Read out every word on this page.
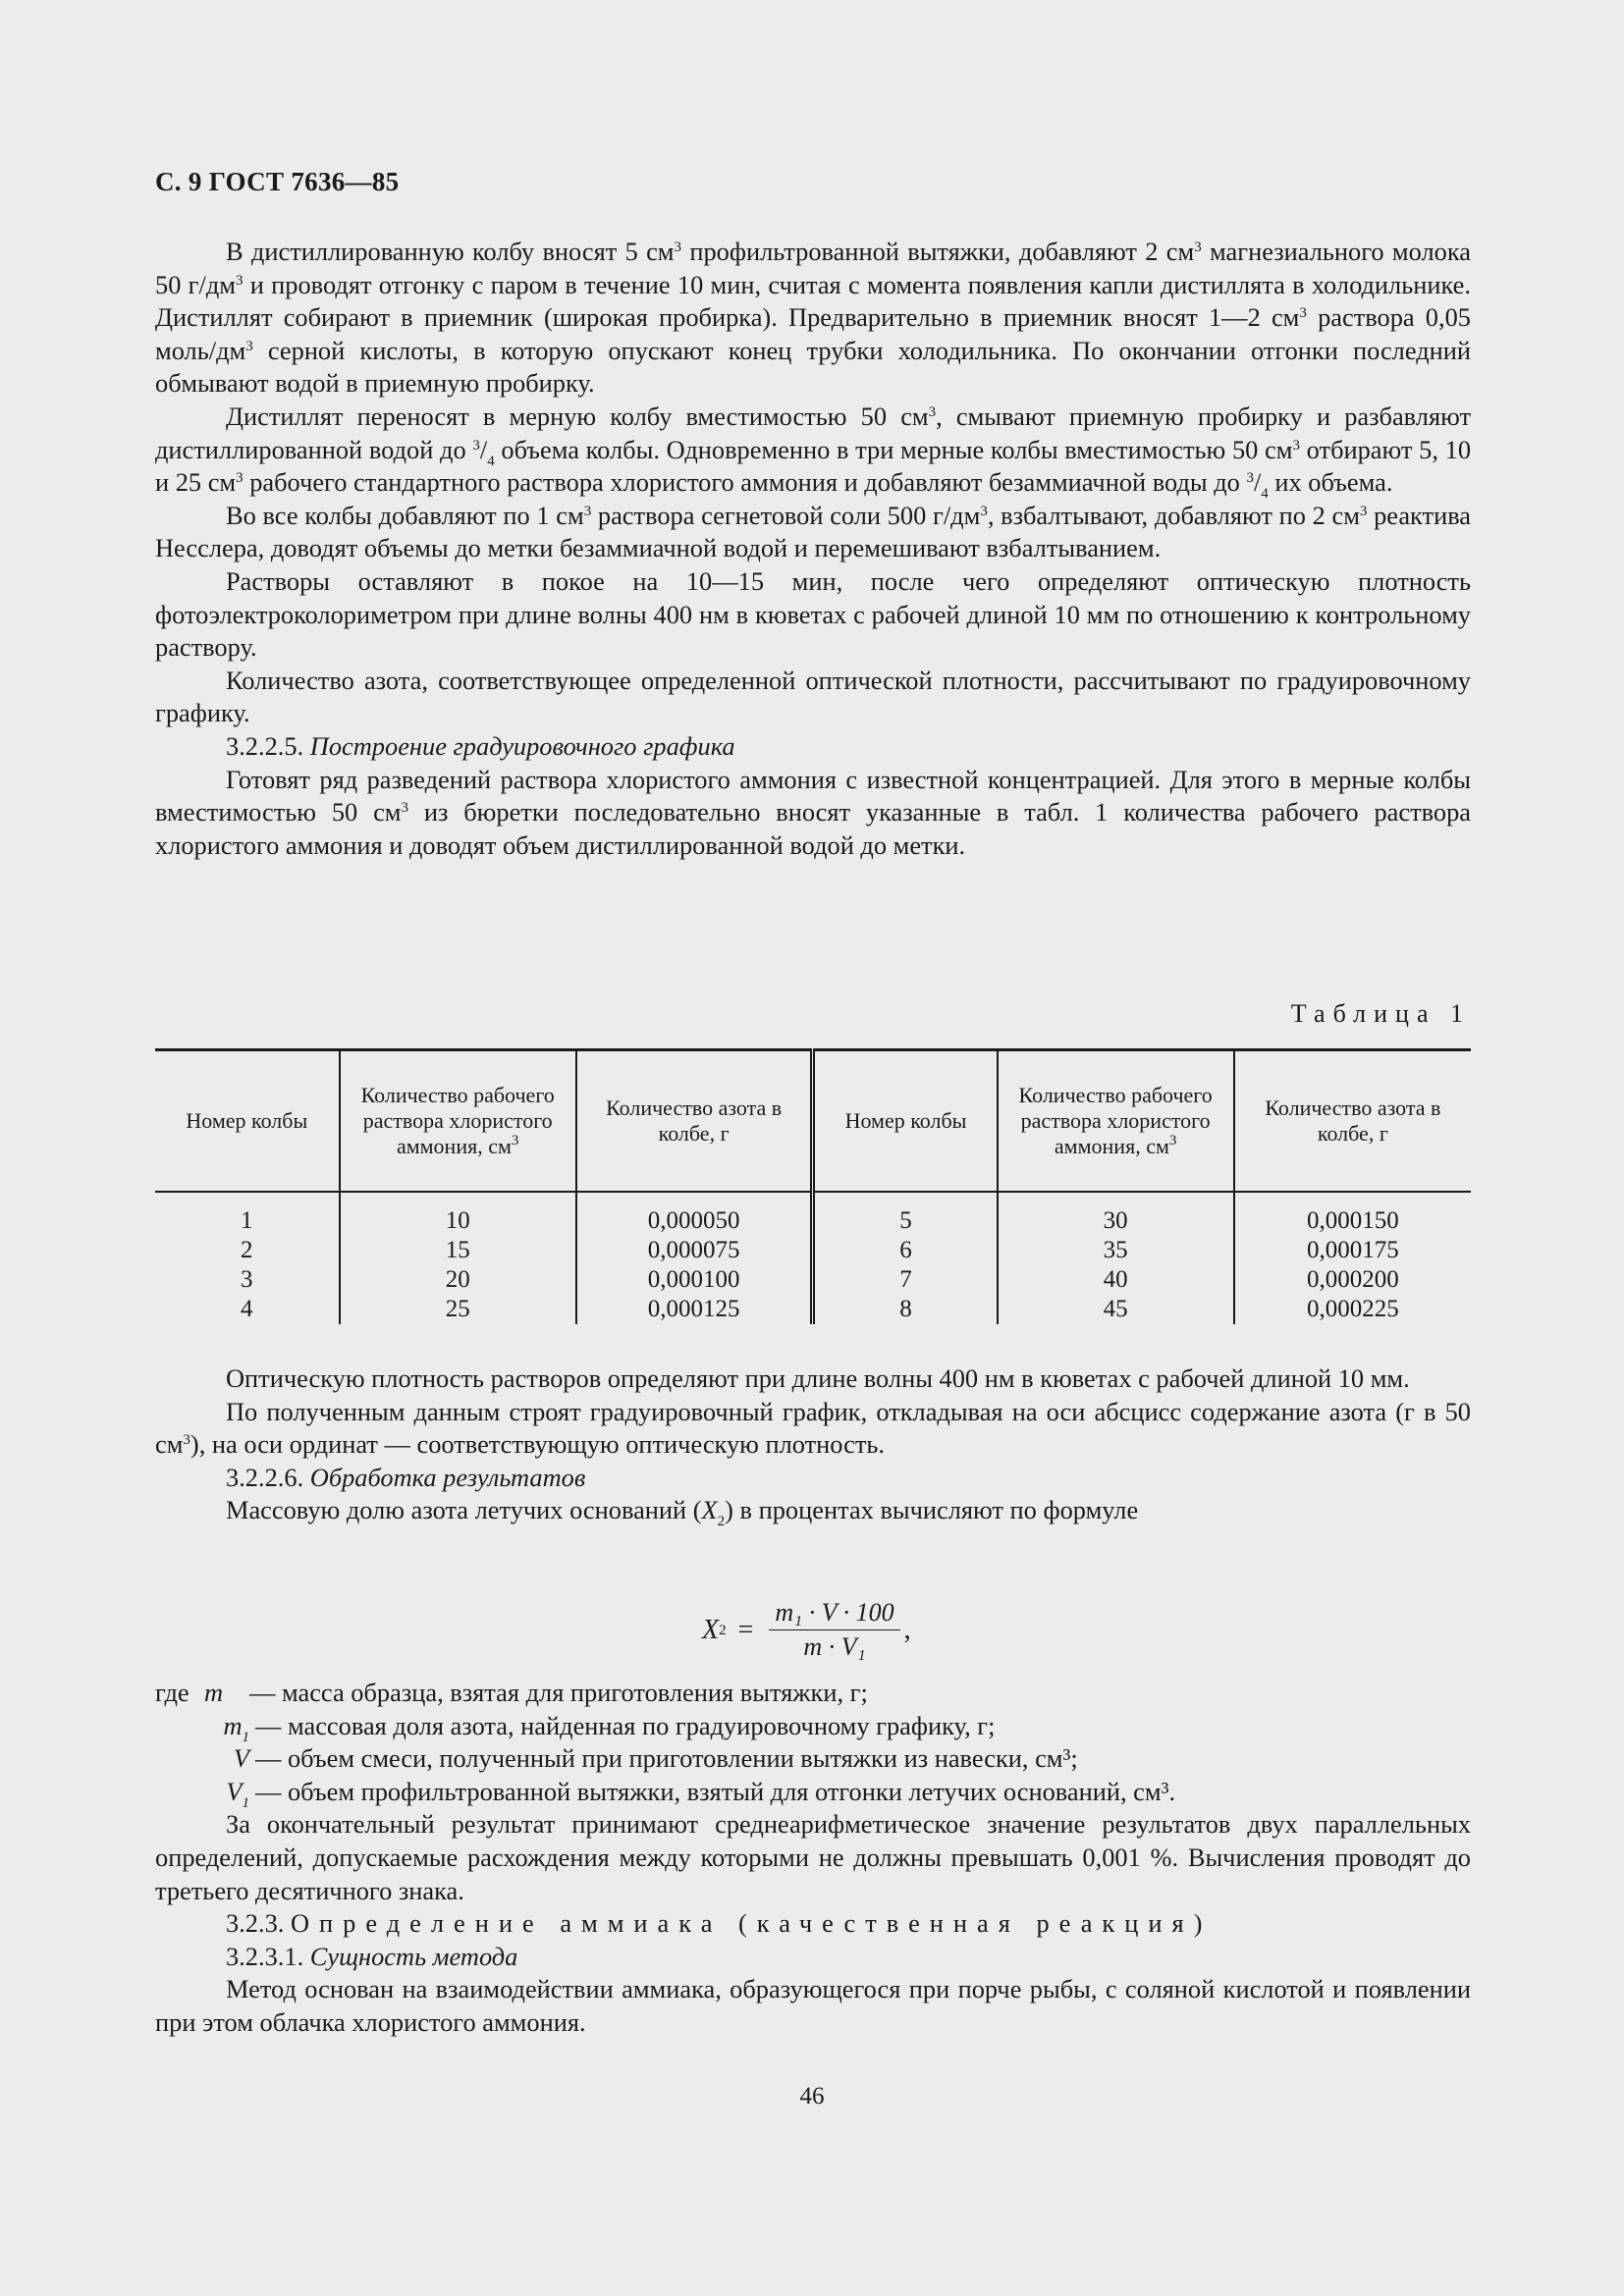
С. 9 ГОСТ 7636—85

В дистиллированную колбу вносят 5 $см^3$ профильтрованной вытяжки, добавляют 2 $см^3$ магнезиального молока 50 $г/дм^3$ и проводят отгонку с паром в течение 10 мин, считая с момента появления капли дистиллята в холодильнике. Дистиллят собирают в приемник (широкая пробирка). Предварительно в приемник вносят 1—2 $см^3$ раствора 0,05 моль/$дм^3$ серной кислоты, в которую опускают конец трубки холодильника. По окончании отгонки последний обмывают водой в приемную пробирку.

Дистиллят переносят в мерную колбу вместимостью 50 $см^3$, смывают приемную пробирку и разбавляют дистиллированной водой до $^3/_4$ объема колбы. Одновременно в три мерные колбы вместимостью 50 $см^3$ отбирают 5, 10 и 25 $см^3$ рабочего стандартного раствора хлористого аммония и добавляют безаммиачной воды до $^3/_4$ их объема.

Во все колбы добавляют по 1 $см^3$ раствора сегнетовой соли 500 $г/дм^3$, взбалтывают, добавляют по 2 $см^3$ реактива Несслера, доводят объемы до метки безаммиачной водой и перемешивают взбалтыванием.

Растворы оставляют в покое на 10—15 мин, после чего определяют оптическую плотность фотоэлектроколориметром при длине волны 400 нм в кюветах с рабочей длиной 10 мм по отношению к контрольному раствору.

Количество азота, соответствующее определенной оптической плотности, рассчитывают по градуировочному графику.

3.2.2.5. Построение градуировочного графика

Готовят ряд разведений раствора хлористого аммония с известной концентрацией. Для этого в мерные колбы вместимостью 50 $см^3$ из бюретки последовательно вносят указанные в табл. 1 количества рабочего раствора хлористого аммония и доводят объем дистиллированной водой до метки.

Таблица 1
Номер колбы	Количество рабочего раствора хлористого аммония, $см^3$	Количество азота в колбе, г	Номер колбы	Количество рабочего раствора хлористого аммония, $см^3$	Количество азота в колбе, г
1	10	0,000050	5	30	0,000150
2	15	0,000075	6	35	0,000175
3	20	0,000100	7	40	0,000200
4	25	0,000125	8	45	0,000225

Оптическую плотность растворов определяют при длине волны 400 нм в кюветах с рабочей длиной 10 мм.

По полученным данным строят градуировочный график, откладывая на оси абсцисс содержание азота (г в 50 $см^3$), на оси ординат — соответствующую оптическую плотность.

3.2.2.6. Обработка результатов

Массовую долю азота летучих оснований $(X_2)$ в процентах вычисляют по формуле

X $2 = \frac{\text{m₁ · V · 100}}{\text{m · V₁}}$ ,
где m	— масса образца, взятая для приготовления вытяжки, г;
$m_1$ — массовая доля азота, найденная по градуировочному графику, г;
V — объем смеси, полученный при приготовлении вытяжки из навески, см³;
$V_1$ — объем профильтрованной вытяжки, взятый для отгонки летучих оснований, см³.

За окончательный результат принимают среднеарифметическое значение результатов двух параллельных определений, допускаемые расхождения между которыми не должны превышать 0,001 %. Вычисления проводят до третьего десятичного знака.

3.2.3. Определение аммиака (качественная реакция)

3.2.3.1. Сущность метода

Метод основан на взаимодействии аммиака, образующегося при порче рыбы, с соляной кислотой и появлении при этом облачка хлористого аммония.

46
